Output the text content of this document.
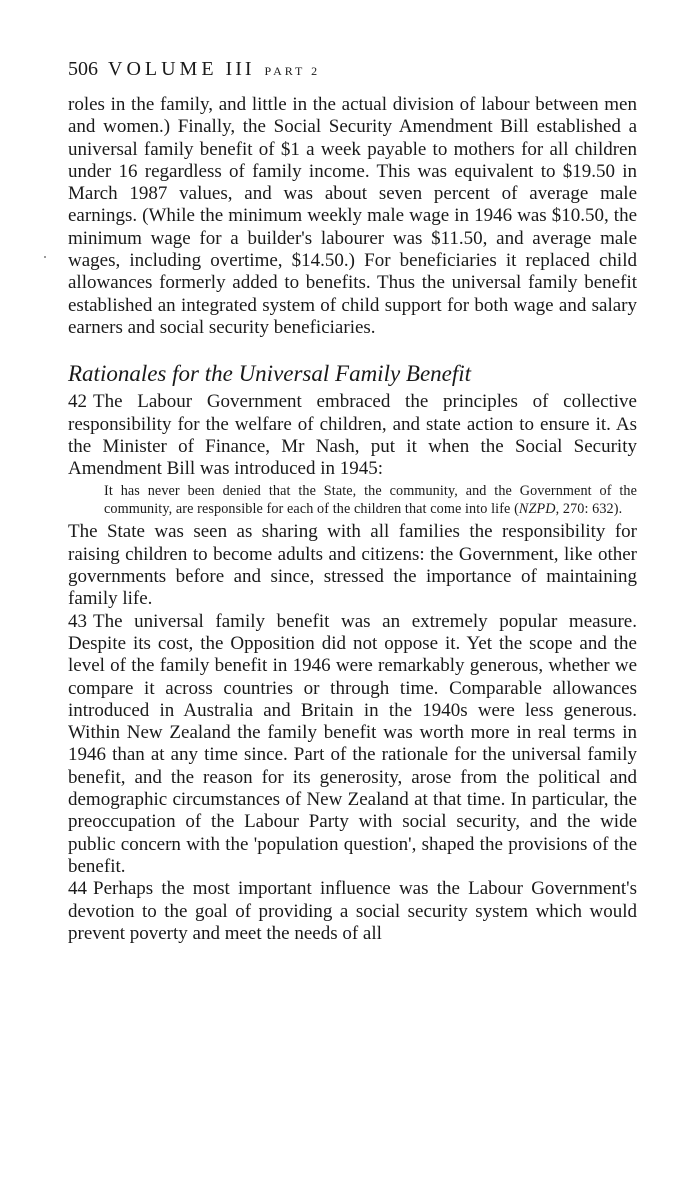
506 VOLUME III PART 2

roles in the family, and little in the actual division of labour between men and women.) Finally, the Social Security Amendment Bill established a universal family benefit of $1 a week payable to mothers for all children under 16 regardless of family income. This was equivalent to $19.50 in March 1987 values, and was about seven percent of average male earnings. (While the minimum weekly male wage in 1946 was $10.50, the minimum wage for a builder's labourer was $11.50, and average male wages, including overtime, $14.50.) For beneficiaries it replaced child allowances formerly added to benefits. Thus the universal family benefit established an integrated system of child support for both wage and salary earners and social security beneficiaries.

Rationales for the Universal Family Benefit

42 The Labour Government embraced the principles of collective responsibility for the welfare of children, and state action to ensure it. As the Minister of Finance, Mr Nash, put it when the Social Security Amendment Bill was introduced in 1945:

It has never been denied that the State, the community, and the Government of the community, are responsible for each of the children that come into life (NZPD, 270: 632).

The State was seen as sharing with all families the responsibility for raising children to become adults and citizens: the Government, like other governments before and since, stressed the importance of maintaining family life.

43 The universal family benefit was an extremely popular measure. Despite its cost, the Opposition did not oppose it. Yet the scope and the level of the family benefit in 1946 were remarkably generous, whether we compare it across countries or through time. Comparable allowances introduced in Australia and Britain in the 1940s were less generous. Within New Zealand the family benefit was worth more in real terms in 1946 than at any time since. Part of the rationale for the universal family benefit, and the reason for its generosity, arose from the political and demographic circumstances of New Zealand at that time. In particular, the preoccupation of the Labour Party with social security, and the wide public concern with the 'population question', shaped the provisions of the benefit.

44 Perhaps the most important influence was the Labour Government's devotion to the goal of providing a social security system which would prevent poverty and meet the needs of all
